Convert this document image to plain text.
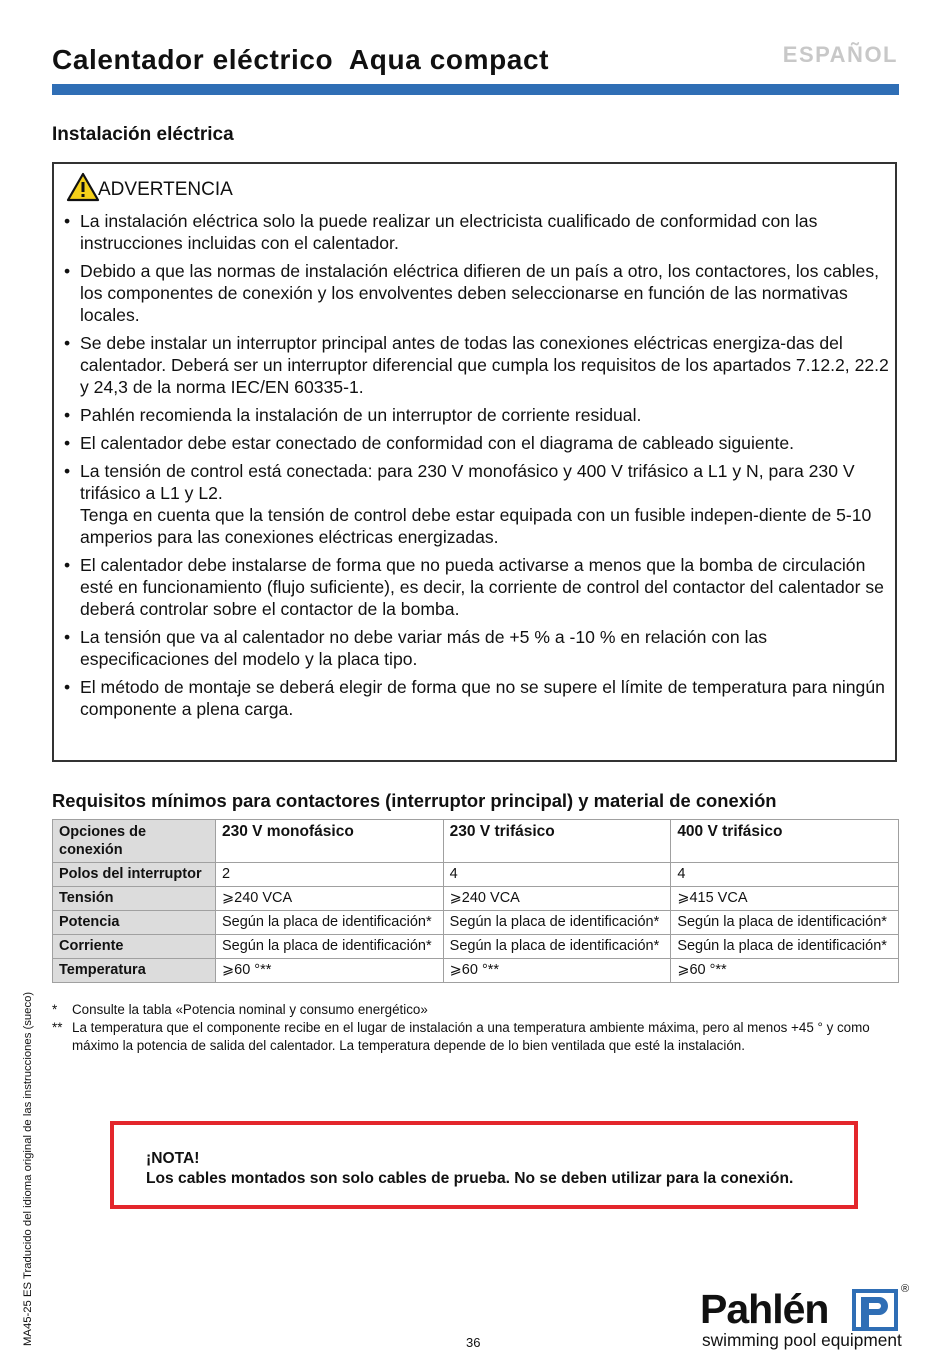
Calentador eléctrico  Aqua compact	ESPAÑOL
Instalación eléctrica
ADVERTENCIA
• La instalación eléctrica solo la puede realizar un electricista cualificado de conformidad con las instrucciones incluidas con el calentador.
• Debido a que las normas de instalación eléctrica difieren de un país a otro, los contactores, los cables, los componentes de conexión y los envolventes deben seleccionarse en función de las normativas locales.
• Se debe instalar un interruptor principal antes de todas las conexiones eléctricas energiza-das del calentador. Deberá ser un interruptor diferencial que cumpla los requisitos de los apartados 7.12.2, 22.2 y 24,3 de la norma IEC/EN 60335-1.
• Pahlén recomienda la instalación de un interruptor de corriente residual.
• El calentador debe estar conectado de conformidad con el diagrama de cableado siguiente.
• La tensión de control está conectada: para 230 V monofásico y 400 V trifásico a L1 y N, para 230 V trifásico a L1 y L2.
Tenga en cuenta que la tensión de control debe estar equipada con un fusible indepen-diente de 5-10 amperios para las conexiones eléctricas energizadas.
• El calentador debe instalarse de forma que no pueda activarse a menos que la bomba de circulación esté en funcionamiento (flujo suficiente), es decir, la corriente de control del contactor del calentador se deberá controlar sobre el contactor de la bomba.
• La tensión que va al calentador no debe variar más de +5 % a -10 % en relación con las especificaciones del modelo y la placa tipo.
• El método de montaje se deberá elegir de forma que no se supere el límite de temperatura para ningún componente a plena carga.
Requisitos mínimos para contactores (interruptor principal) y material de conexión
Opciones de conexión	230 V monofásico	230 V trifásico	400 V trifásico
Polos del interruptor	2	4	4
Tensión	⩾240 VCA	⩾240 VCA	⩾415 VCA
Potencia	Según la placa de identificación*	Según la placa de identificación*	Según la placa de identificación*
Corriente	Según la placa de identificación*	Según la placa de identificación*	Según la placa de identificación*
Temperatura	⩾60 °**	⩾60 °**	⩾60 °**
*	Consulte la tabla «Potencia nominal y consumo energético»
** La temperatura que el componente recibe en el lugar de instalación a una temperatura ambiente máxima, pero al menos +45 ° y como máximo la potencia de salida del calentador. La temperatura depende de lo bien ventilada que esté la instalación.
¡NOTA!
Los cables montados son solo cables de prueba. No se deben utilizar para la conexión.
MA45-25 ES Traducido del idioma original de las instrucciones (sueco)	36
Pahlén	®
swimming pool equipment
